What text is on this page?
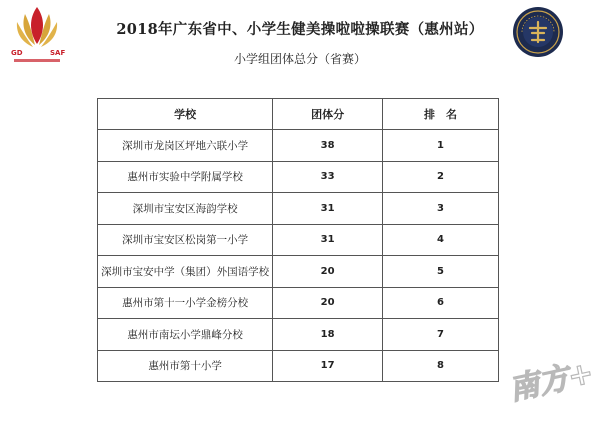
GD	SAF
2018年广东省中、小学生健美操啦啦操联赛（惠州站）
小学组团体总分（省赛）
学校	团体分	排　名
深圳市龙岗区坪地六联小学	38	1
惠州市实验中学附属学校	33	2
深圳市宝安区海韵学校	31	3
深圳市宝安区松岗第一小学	31	4
深圳市宝安中学（集团）外国语学校	20	5
惠州市第十一小学金榜分校	20	6
惠州市南坛小学鼎峰分校	18	7
惠州市第十小学	17	8 南方+
